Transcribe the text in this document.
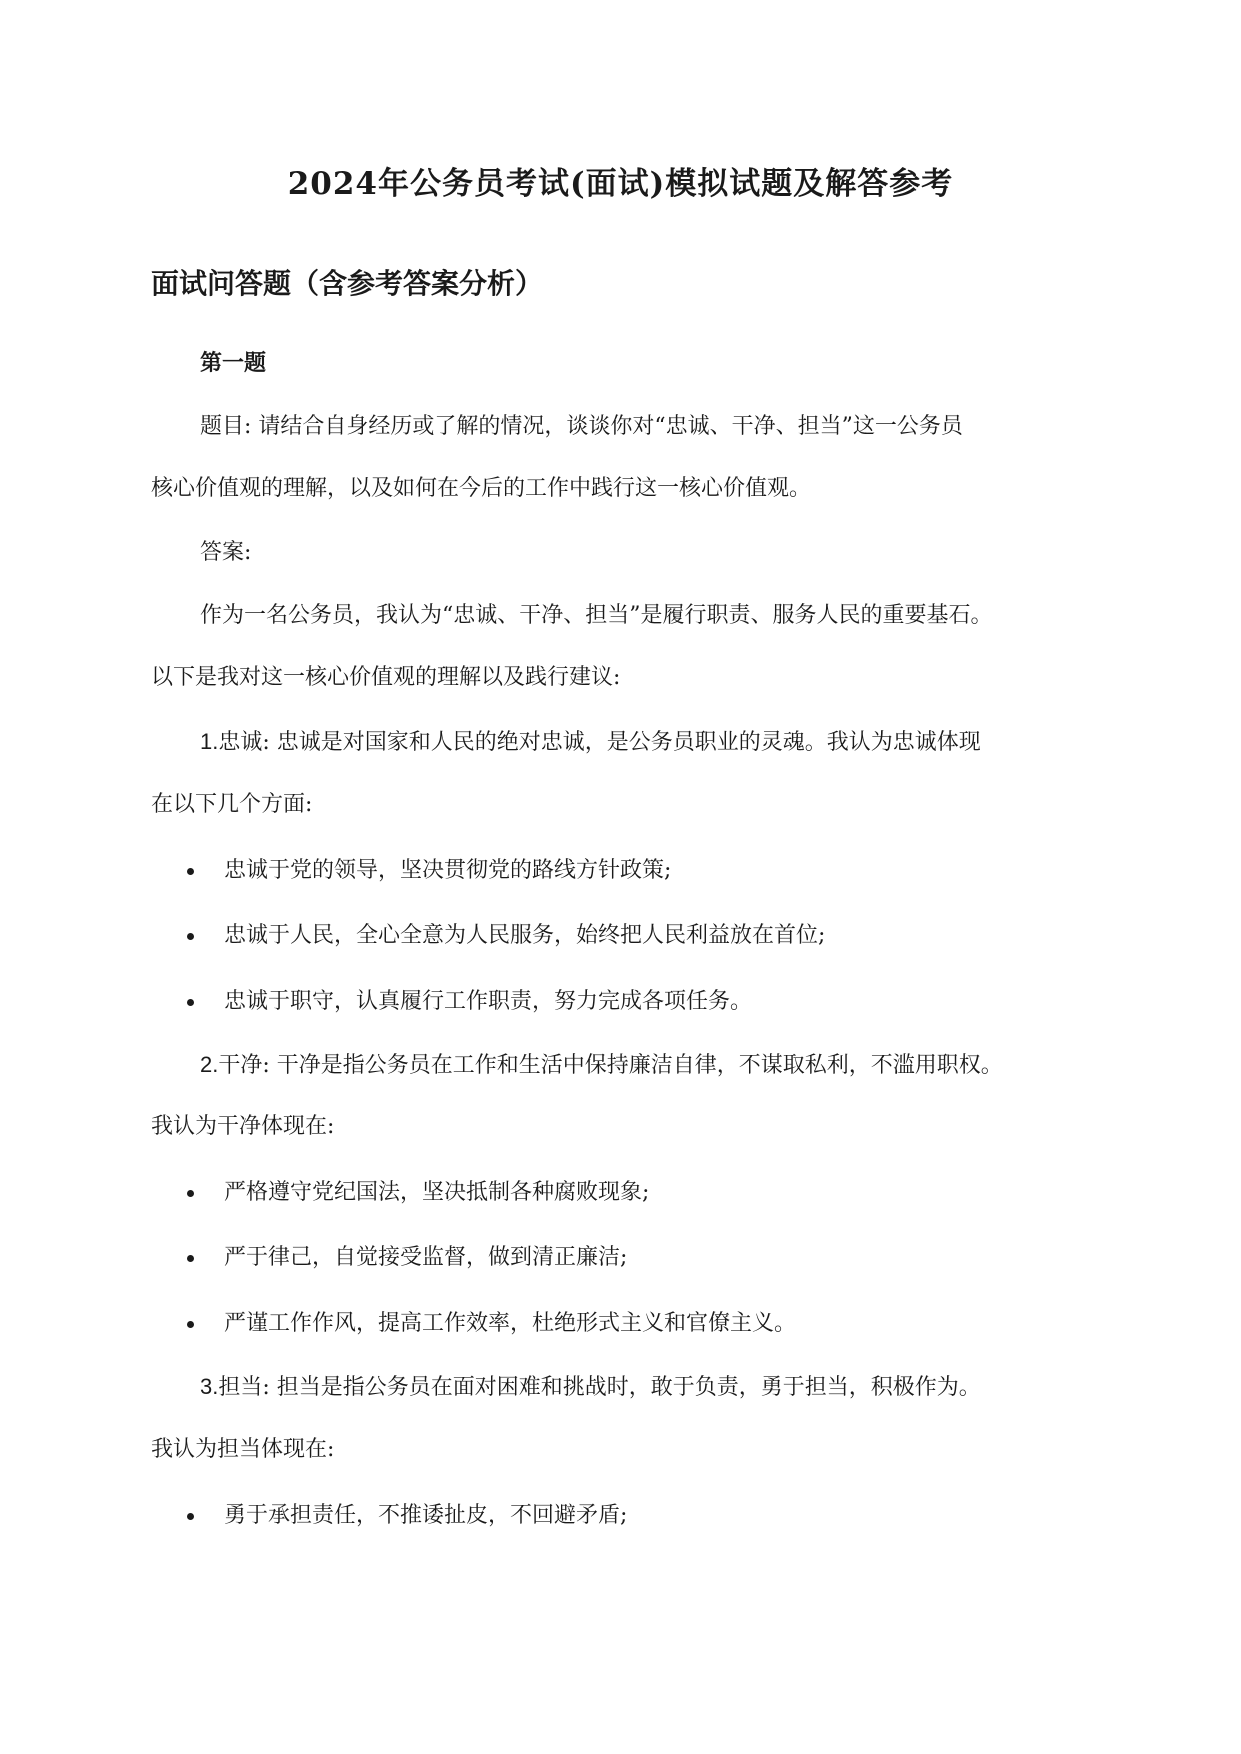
2024年公务员考试(面试)模拟试题及解答参考
面试问答题（含参考答案分析）

第一题

题目: 请结合自身经历或了解的情况，谈谈你对“忠诚、干净、担当”这一公务员

核心价值观的理解，以及如何在今后的工作中践行这一核心价值观。

答案:

作为一名公务员，我认为“忠诚、干净、担当”是履行职责、服务人民的重要基石。

以下是我对这一核心价值观的理解以及践行建议:

1.忠诚: 忠诚是对国家和人民的绝对忠诚，是公务员职业的灵魂。我认为忠诚体现

在以下几个方面:

忠诚于党的领导，坚决贯彻党的路线方针政策;
忠诚于人民，全心全意为人民服务，始终把人民利益放在首位;
忠诚于职守，认真履行工作职责，努力完成各项任务。

2.干净: 干净是指公务员在工作和生活中保持廉洁自律，不谋取私利，不滥用职权。

我认为干净体现在:

严格遵守党纪国法，坚决抵制各种腐败现象;
严于律己，自觉接受监督，做到清正廉洁;
严谨工作作风，提高工作效率，杜绝形式主义和官僚主义。

3.担当: 担当是指公务员在面对困难和挑战时，敢于负责，勇于担当，积极作为。

我认为担当体现在:

勇于承担责任，不推诿扯皮，不回避矛盾;
